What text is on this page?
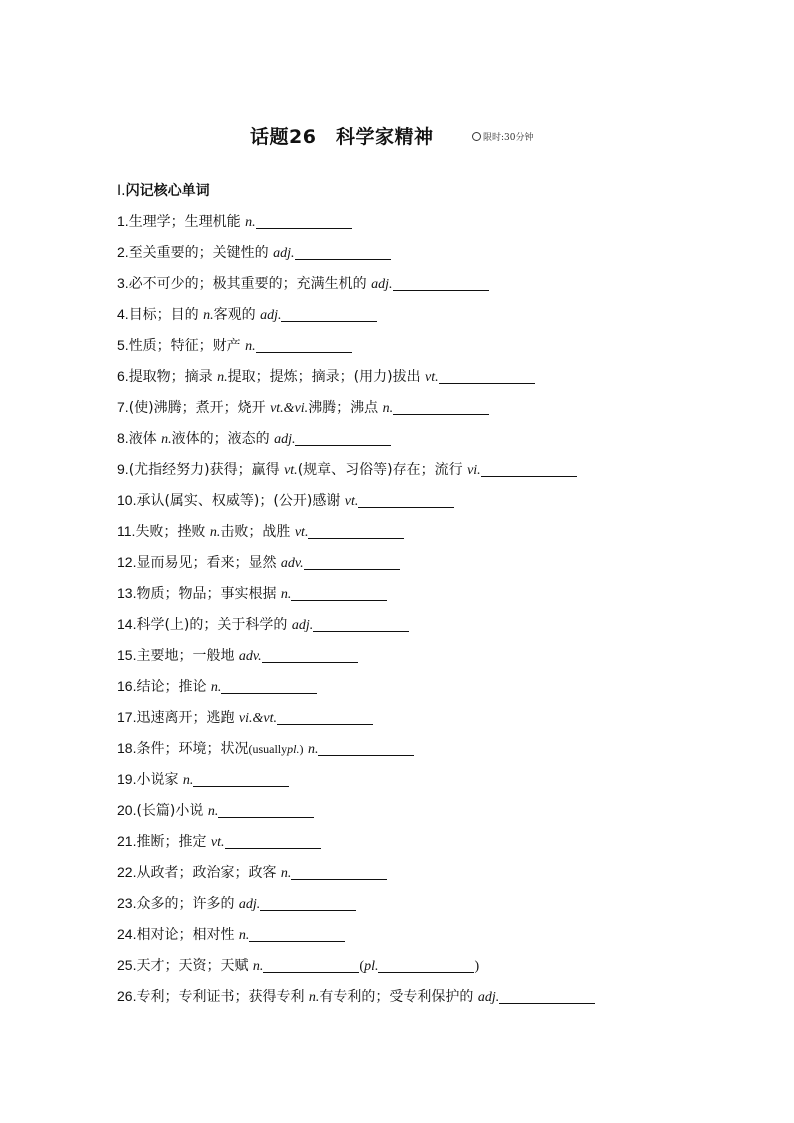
话题26　科学家精神	限时:30分钟
Ⅰ.闪记核心单词
1.生理学；生理机能 n.
2.至关重要的；关键性的 adj.
3.必不可少的；极其重要的；充满生机的 adj.
4.目标；目的 n.客观的 adj.
5.性质；特征；财产 n.
6.提取物；摘录 n.提取；提炼；摘录；(用力)拔出 vt.
7.(使)沸腾；煮开；烧开 vt.&vi.沸腾；沸点 n.
8.液体 n.液体的；液态的 adj.
9.(尤指经努力)获得；赢得 vt.(规章、习俗等)存在；流行 vi.
10.承认(属实、权威等)；(公开)感谢 vt.
11.失败；挫败 n.击败；战胜 vt.
12.显而易见；看来；显然 adv.
13.物质；物品；事实根据 n.
14.科学(上)的；关于科学的 adj.
15.主要地；一般地 adv.
16.结论；推论 n.
17.迅速离开；逃跑 vi.&vt.
18.条件；环境；状况(usuallypl.) n.
19.小说家 n.
20.(长篇)小说 n.
21.推断；推定 vt.
22.从政者；政治家；政客 n.
23.众多的；许多的 adj.
24.相对论；相对性 n.
25.天才；天资；天赋 n.	(pl.	)
26.专利；专利证书；获得专利 n.有专利的；受专利保护的 adj.
